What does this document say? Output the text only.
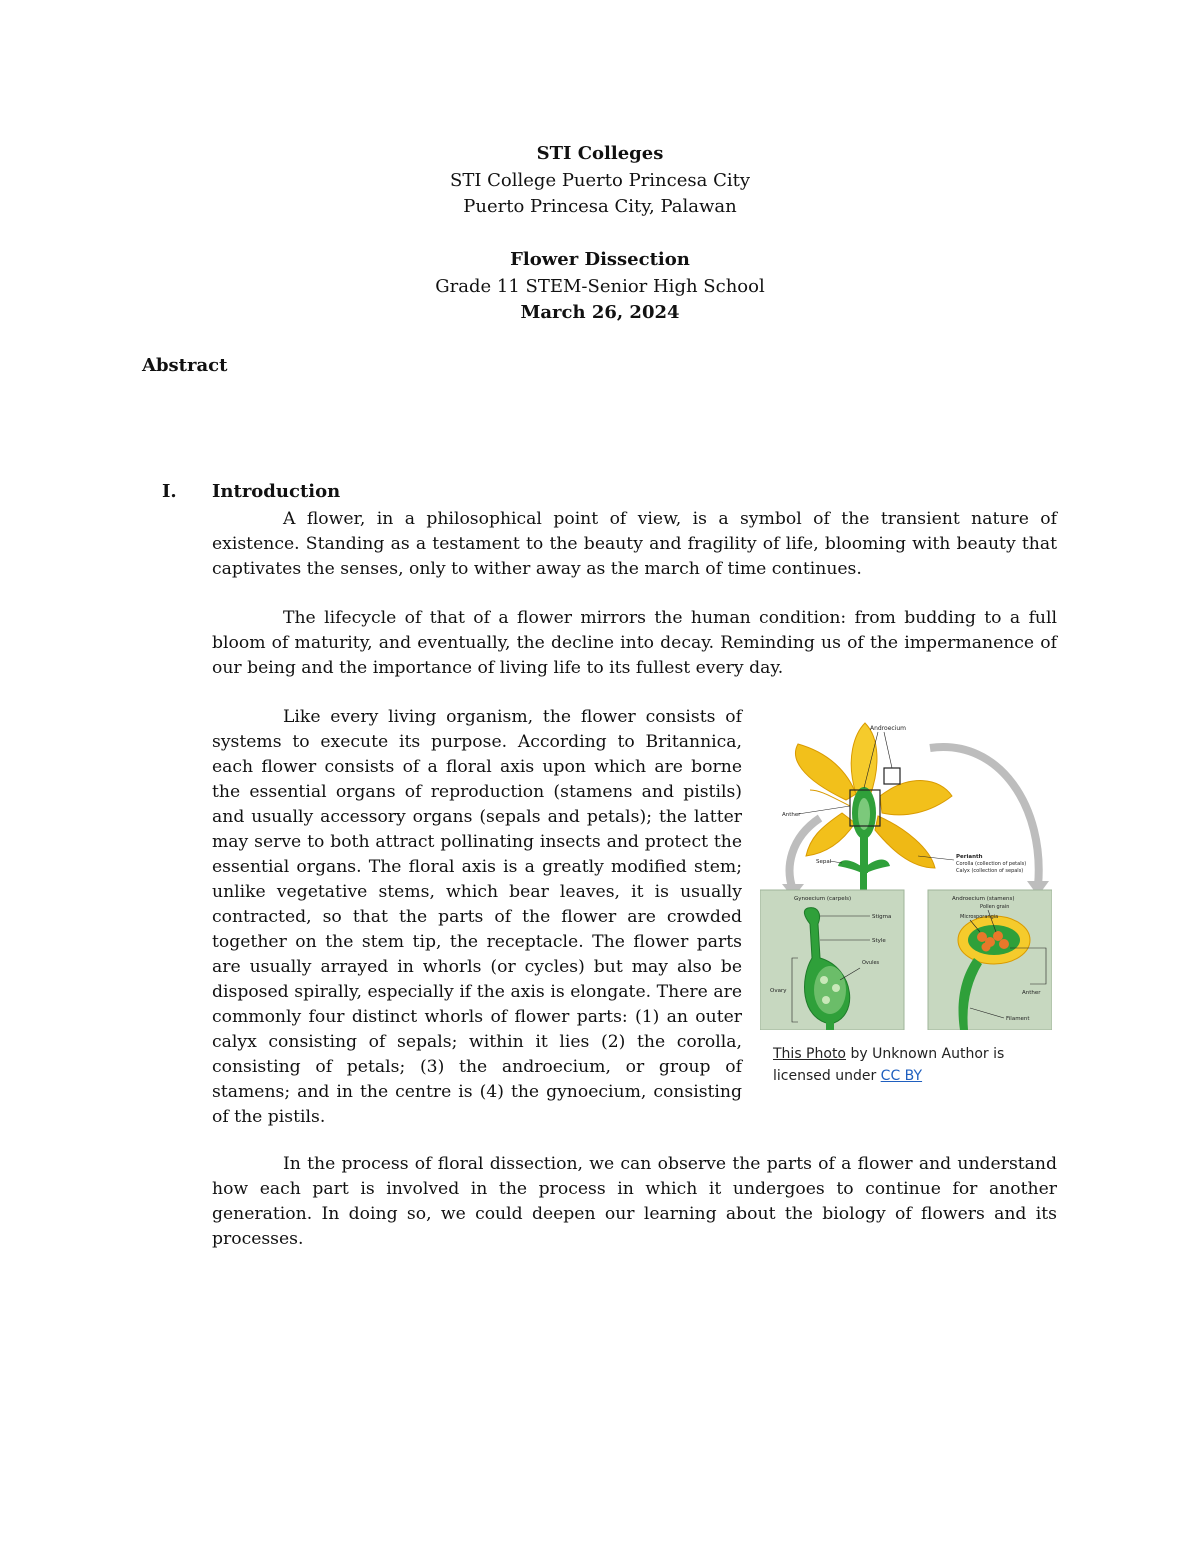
STI Colleges
STI College Puerto Princesa City
Puerto Princesa City, Palawan
Flower Dissection
Grade 11 STEM-Senior High School
March 26, 2024
Abstract
I. Introduction
A flower, in a philosophical point of view, is a symbol of the transient nature of existence. Standing as a testament to the beauty and fragility of life, blooming with beauty that captivates the senses, only to wither away as the march of time continues.
The lifecycle of that of a flower mirrors the human condition: from budding to a full bloom of maturity, and eventually, the decline into decay. Reminding us of the impermanence of our being and the importance of living life to its fullest every day.
Like every living organism, the flower consists of systems to execute its purpose. According to Britannica, each flower consists of a floral axis upon which are borne the essential organs of reproduction (stamens and pistils) and usually accessory organs (sepals and petals); the latter may serve to both attract pollinating insects and protect the essential organs. The floral axis is a greatly modified stem; unlike vegetative stems, which bear leaves, it is usually contracted, so that the parts of the flower are crowded together on the stem tip, the receptacle. The flower parts are usually arrayed in whorls (or cycles) but may also be disposed spirally, especially if the axis is elongate. There are commonly four distinct whorls of flower parts: (1) an outer calyx consisting of sepals; within it lies (2) the corolla, consisting of petals; (3) the androecium, or group of stamens; and in the centre is (4) the gynoecium, consisting of the pistils.
In the process of floral dissection, we can observe the parts of a flower and understand how each part is involved in the process in which it undergoes to continue for another generation. In doing so, we could deepen our learning about the biology of flowers and its processes.
Androecium
Anther
Sepal
Perianth
Corolla (collection of petals)
Calyx (collection of sepals)
Gynoecium (carpels)
Stigma
Style
Ovules
Ovary
Androecium (stamens)
Pollen grain
Microsporangia
Anther
Filament
This Photo by Unknown Author is licensed under CC BY
